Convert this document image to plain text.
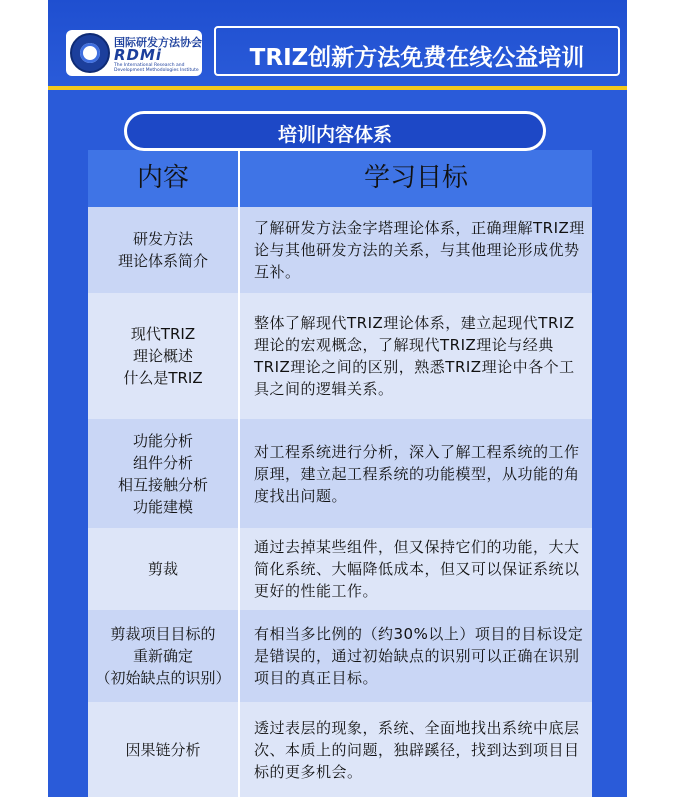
国际研发方法协会
RDMi
The International Research and Development Methodologies Institute	TRIZ创新方法免费在线公益培训
内容	学习目标
研发方法
理论体系简介
了解研发方法金字塔理论体系，正确理解TRIZ理论与其他研发方法的关系，与其他理论形成优势互补。
现代TRIZ
理论概述
什么是TRIZ
整体了解现代TRIZ理论体系，建立起现代TRIZ理论的宏观概念，了解现代TRIZ理论与经典TRIZ理论之间的区别，熟悉TRIZ理论中各个工具之间的逻辑关系。
功能分析
组件分析
相互接触分析
功能建模
对工程系统进行分析，深入了解工程系统的工作原理，建立起工程系统的功能模型，从功能的角度找出问题。
剪裁
通过去掉某些组件，但又保持它们的功能，大大简化系统、大幅降低成本，但又可以保证系统以更好的性能工作。
剪裁项目目标的
重新确定
（初始缺点的识别）
有相当多比例的（约30%以上）项目的目标设定是错误的，通过初始缺点的识别可以正确在识别项目的真正目标。
因果链分析
透过表层的现象，系统、全面地找出系统中底层次、本质上的问题，独辟蹊径，找到达到项目目标的更多机会。
培训内容体系
